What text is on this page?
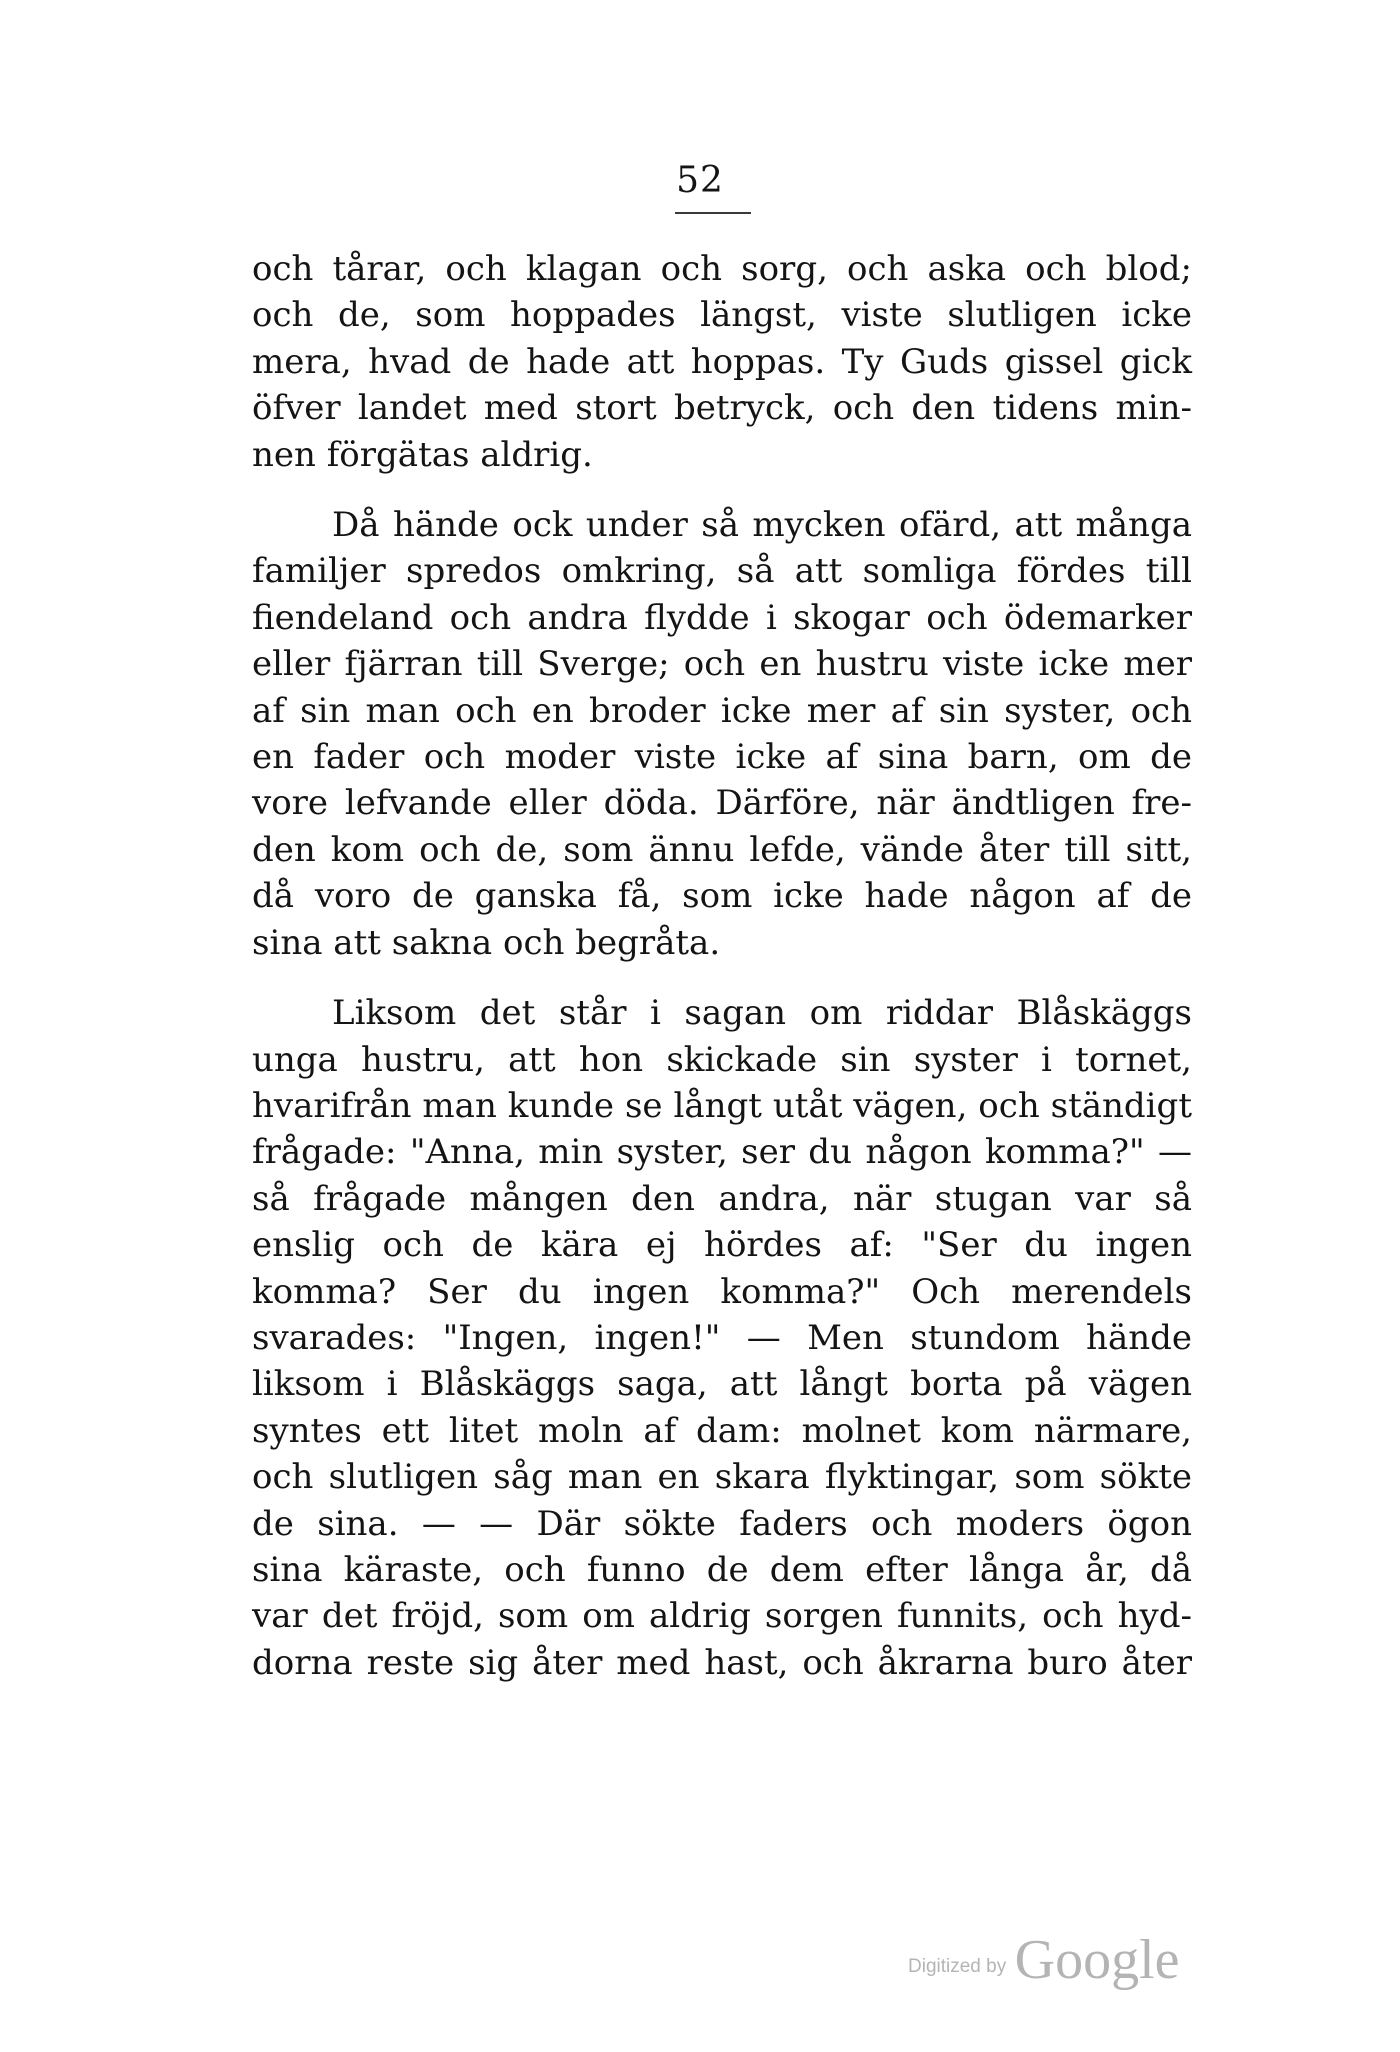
52

och tårar, och klagan och sorg, och aska och blod;
och de, som hoppades längst, viste slutligen icke
mera, hvad de hade att hoppas. Ty Guds gissel gick
öfver landet med stort betryck, och den tidens min-
nen förgätas aldrig.

Då hände ock under så mycken ofärd, att många
familjer spredos omkring, så att somliga fördes till
fiendeland och andra flydde i skogar och ödemarker
eller fjärran till Sverge; och en hustru viste icke mer
af sin man och en broder icke mer af sin syster, och
en fader och moder viste icke af sina barn, om de
vore lefvande eller döda. Därföre, när ändtligen fre-
den kom och de, som ännu lefde, vände åter till sitt,
då voro de ganska få, som icke hade någon af de
sina att sakna och begråta.

Liksom det står i sagan om riddar Blåskäggs
unga hustru, att hon skickade sin syster i tornet,
hvarifrån man kunde se långt utåt vägen, och ständigt
frågade: "Anna, min syster, ser du någon komma?" —
så frågade mången den andra, när stugan var så
enslig och de kära ej hördes af: "Ser du ingen
komma? Ser du ingen komma?" Och merendels
svarades: "Ingen, ingen!" — Men stundom hände
liksom i Blåskäggs saga, att långt borta på vägen
syntes ett litet moln af dam: molnet kom närmare,
och slutligen såg man en skara flyktingar, som sökte
de sina. — — Där sökte faders och moders ögon
sina käraste, och funno de dem efter långa år, då
var det fröjd, som om aldrig sorgen funnits, och hyd-
dorna reste sig åter med hast, och åkrarna buro åter

Digitized by Google
